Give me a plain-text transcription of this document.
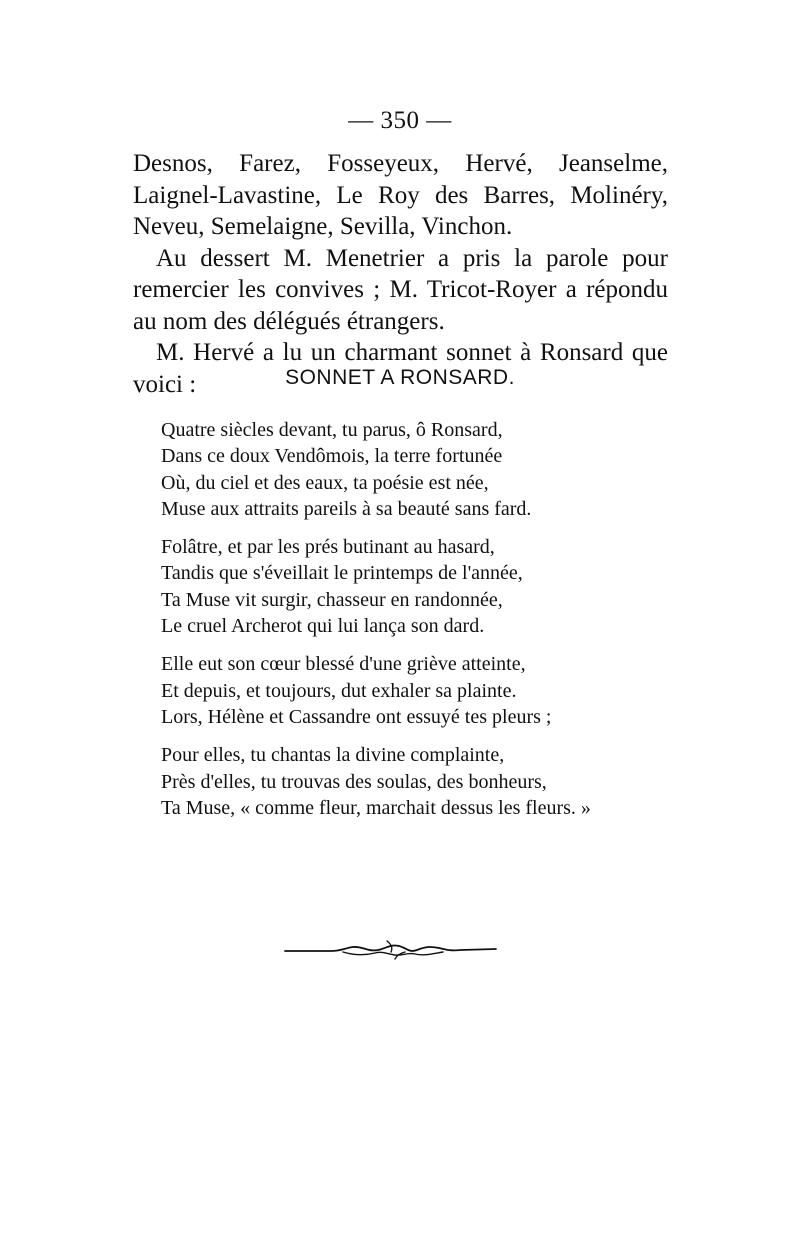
— 350 —

Desnos, Farez, Fosseyeux, Hervé, Jeanselme, Laignel-Lavastine, Le Roy des Barres, Molinéry, Neveu, Semelaigne, Sevilla, Vinchon.

Au dessert M. Menetrier a pris la parole pour remercier les convives ; M. Tricot-Royer a répondu au nom des délégués étrangers.

M. Hervé a lu un charmant sonnet à Ronsard que voici :	SONNET A RONSARD.
Quatre siècles devant, tu parus, ô Ronsard,
Dans ce doux Vendômois, la terre fortunée
Où, du ciel et des eaux, ta poésie est née,
Muse aux attraits pareils à sa beauté sans fard.
Folâtre, et par les prés butinant au hasard,
Tandis que s'éveillait le printemps de l'année,
Ta Muse vit surgir, chasseur en randonnée,
Le cruel Archerot qui lui lança son dard.
Elle eut son cœur blessé d'une griève atteinte,
Et depuis, et toujours, dut exhaler sa plainte.
Lors, Hélène et Cassandre ont essuyé tes pleurs ;
Pour elles, tu chantas la divine complainte,
Près d'elles, tu trouvas des soulas, des bonheurs,
Ta Muse, « comme fleur, marchait dessus les fleurs. »
